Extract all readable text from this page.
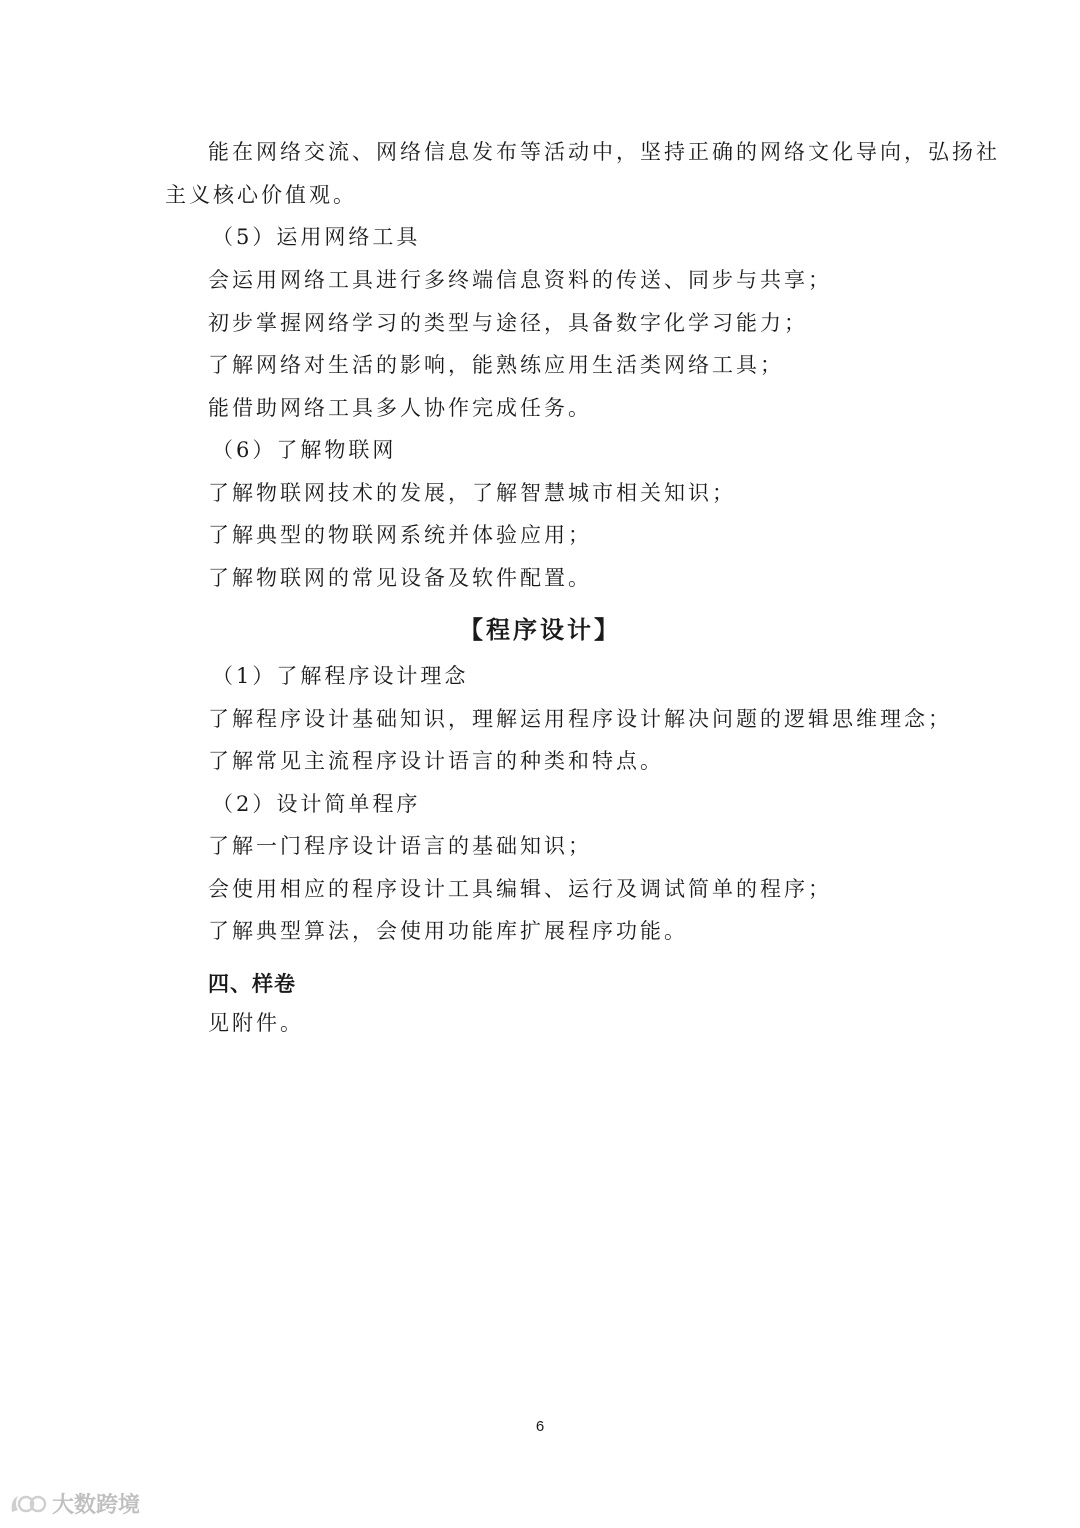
能在网络交流、网络信息发布等活动中，坚持正确的网络文化导向，弘扬社
主义核心价值观。
（5）运用网络工具
会运用网络工具进行多终端信息资料的传送、同步与共享；
初步掌握网络学习的类型与途径，具备数字化学习能力；
了解网络对生活的影响，能熟练应用生活类网络工具；
能借助网络工具多人协作完成任务。
（6）了解物联网
了解物联网技术的发展，了解智慧城市相关知识；
了解典型的物联网系统并体验应用；
了解物联网的常见设备及软件配置。
【程序设计】
（1）了解程序设计理念
了解程序设计基础知识，理解运用程序设计解决问题的逻辑思维理念；
了解常见主流程序设计语言的种类和特点。
（2）设计简单程序
了解一门程序设计语言的基础知识；
会使用相应的程序设计工具编辑、运行及调试简单的程序；
了解典型算法，会使用功能库扩展程序功能。
四、样卷
见附件。
6
大数跨境
